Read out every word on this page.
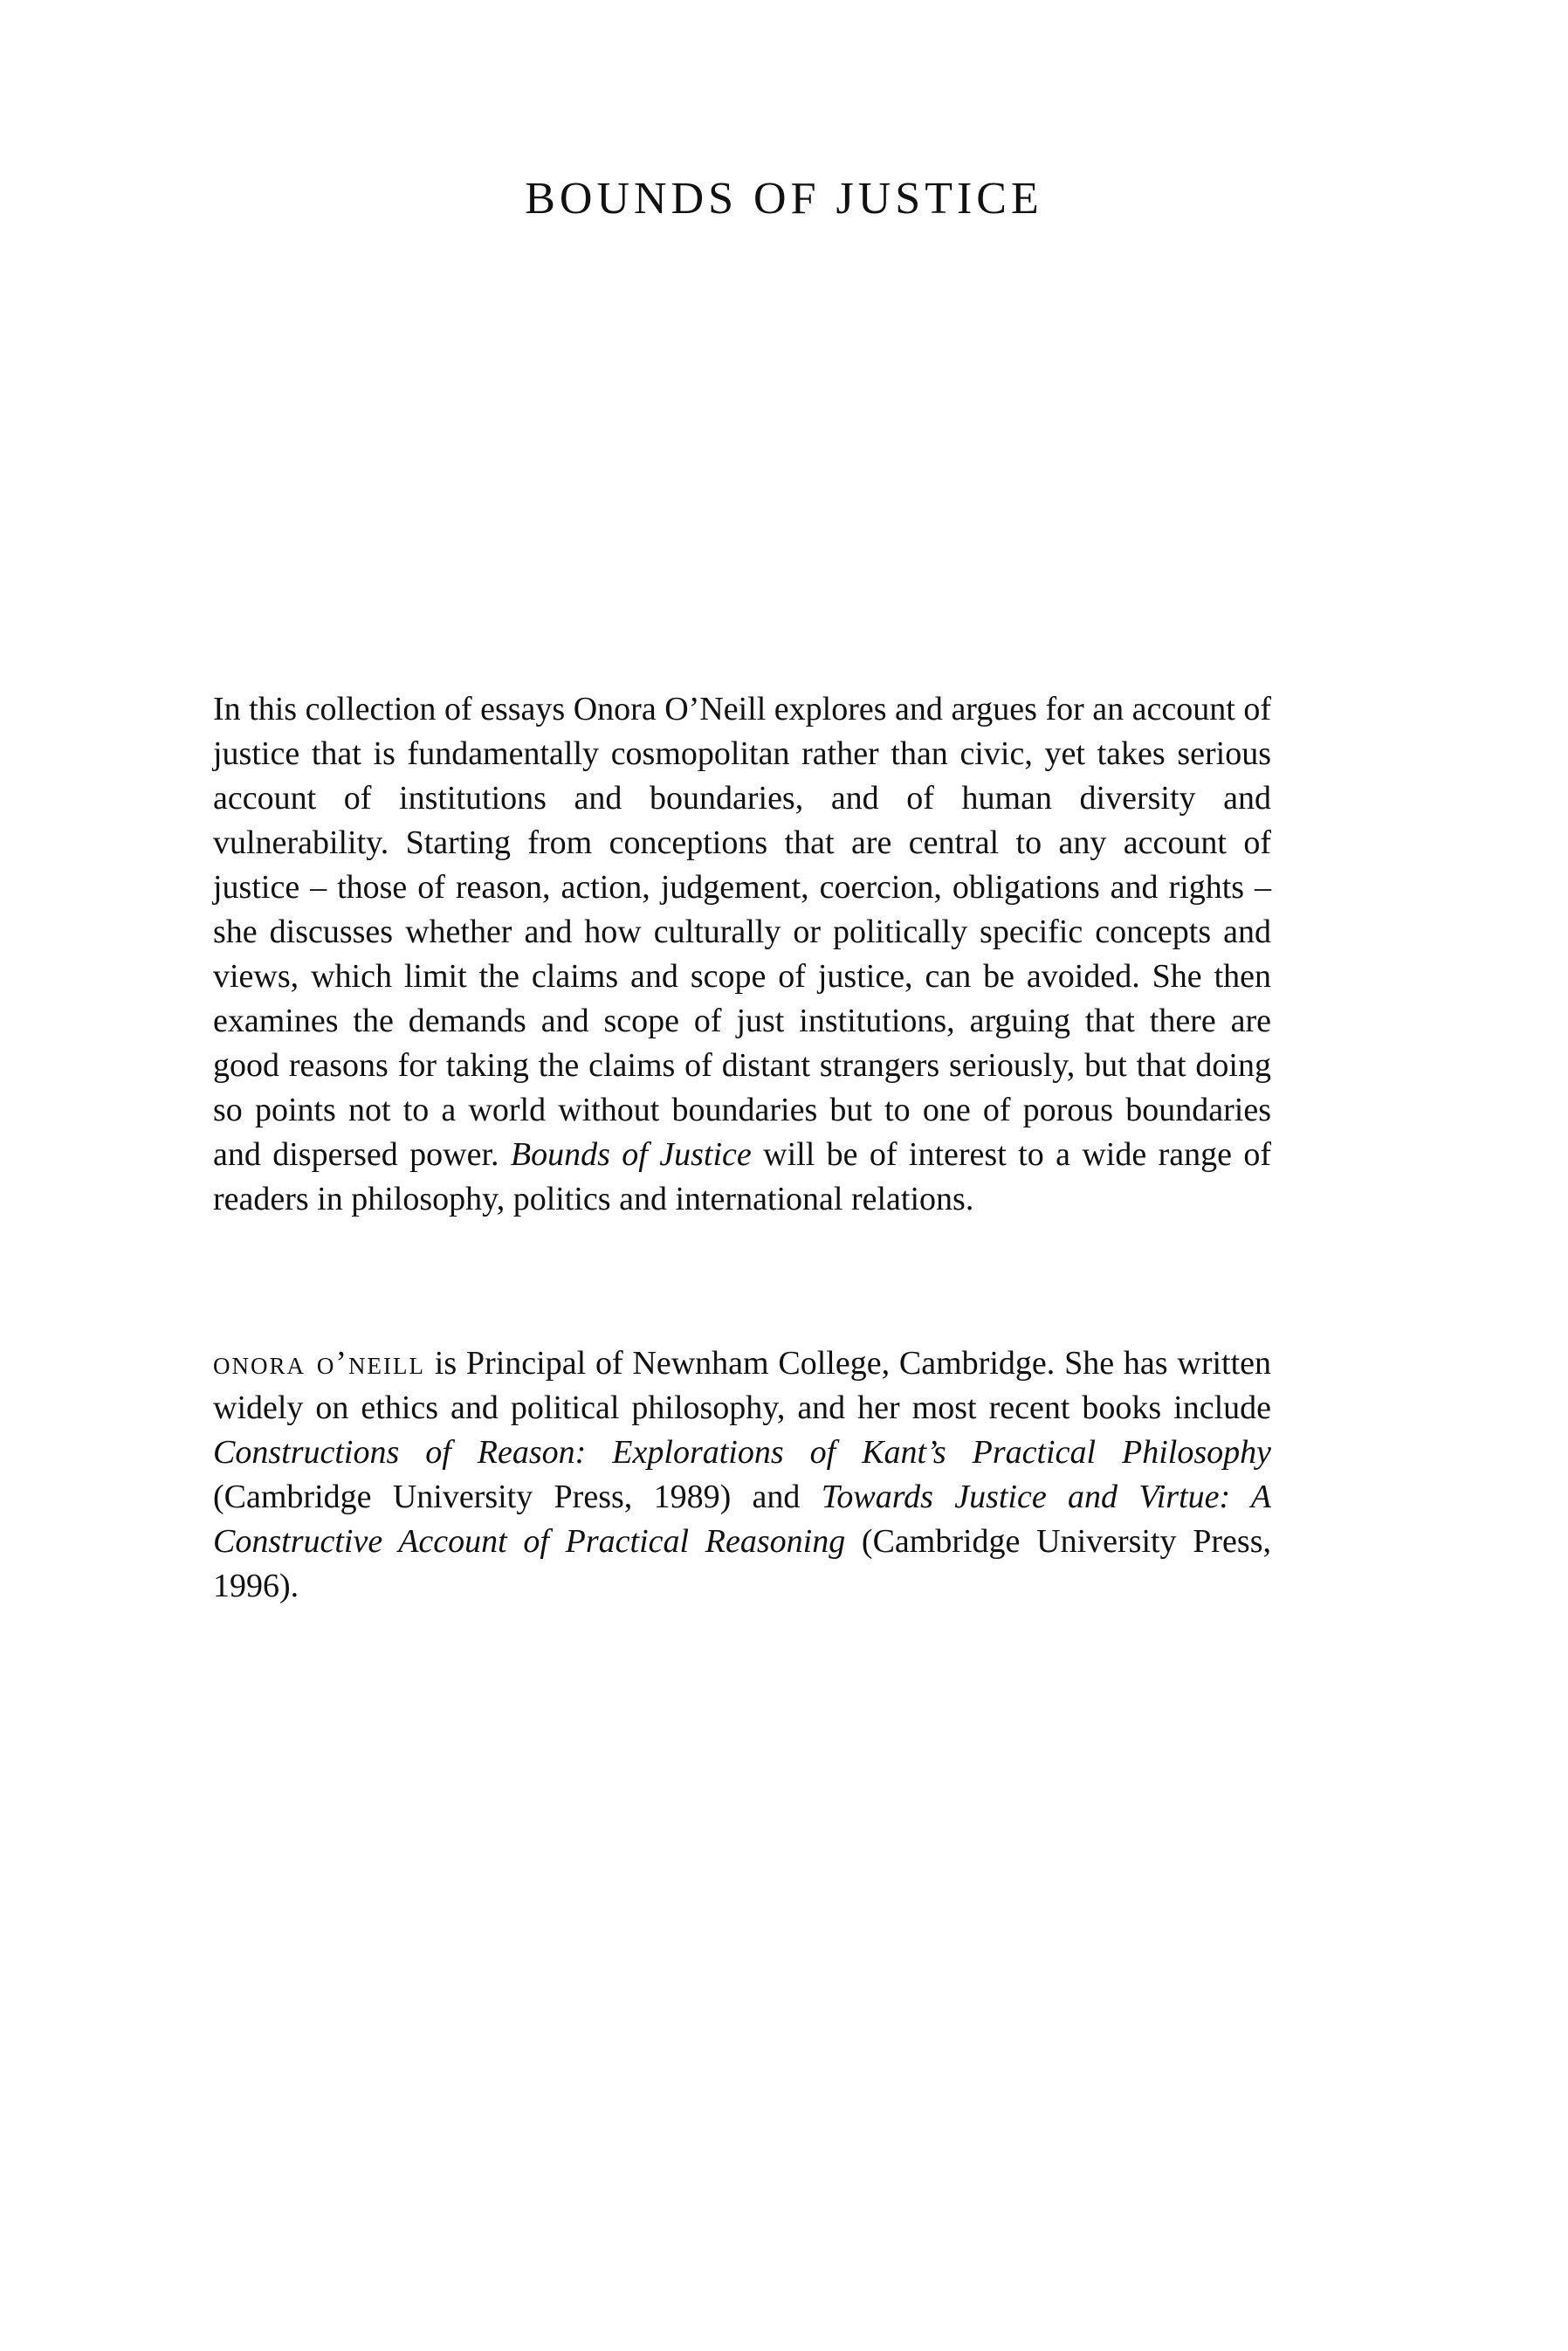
BOUNDS OF JUSTICE

In this collection of essays Onora O’Neill explores and argues for an account of justice that is fundamentally cosmopolitan rather than civic, yet takes serious account of institutions and boundaries, and of human diversity and vulnerability. Starting from conceptions that are central to any account of justice – those of reason, action, judgement, coercion, obligations and rights – she discusses whether and how culturally or politically specific concepts and views, which limit the claims and scope of justice, can be avoided. She then examines the demands and scope of just institutions, arguing that there are good reasons for taking the claims of distant strangers seriously, but that doing so points not to a world without boundaries but to one of porous boundaries and dispersed power. Bounds of Justice will be of interest to a wide range of readers in philosophy, politics and international relations.

onora o’neill is Principal of Newnham College, Cambridge. She has written widely on ethics and political philosophy, and her most recent books include Constructions of Reason: Explorations of Kant’s Practical Philosophy (Cambridge University Press, 1989) and Towards Justice and Virtue: A Constructive Account of Practical Reasoning (Cambridge University Press, 1996).
